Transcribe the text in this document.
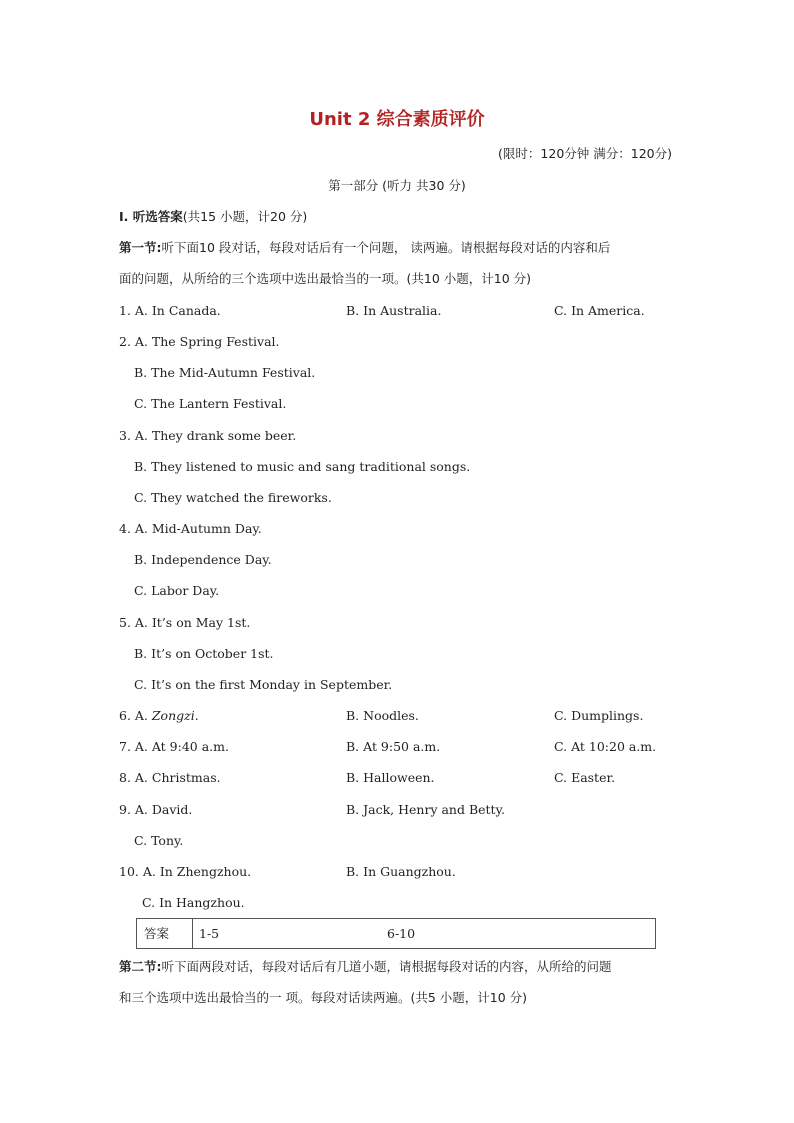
Unit 2 综合素质评价
(限时：120分钟 满分：120分)
第一部分 (听力 共30 分)
I. 听选答案(共15 小题，计20 分)
第一节:听下面10 段对话，每段对话后有一个问题， 读两遍。请根据每段对话的内容和后
面的问题，从所给的三个选项中选出最恰当的一项。(共10 小题，计10 分)
1. A. In Canada.	B. In Australia.	C. In America.
2. A. The Spring Festival.
B. The Mid-Autumn Festival.
C. The Lantern Festival.
3. A. They drank some beer.
B. They listened to music and sang traditional songs.
C. They watched the fireworks.
4. A. Mid-Autumn Day.
B. Independence Day.
C. Labor Day.
5. A. It’s on May 1st.
B. It’s on October 1st.
C. It’s on the first Monday in September.
6. A. Zongzi.	B. Noodles.	C. Dumplings.
7. A. At 9:40 a.m.	B. At 9:50 a.m.	C. At 10:20 a.m.
8. A. Christmas.	B. Halloween.	C. Easter.
9. A. David.	B. Jack, Henry and Betty.
C. Tony.
10. A. In Zhengzhou.	B. In Guangzhou.
C. In Hangzhou.
答案 1-5	6-10
第二节:听下面两段对话，每段对话后有几道小题，请根据每段对话的内容，从所给的问题
和三个选项中选出最恰当的一 项。每段对话读两遍。(共5 小题，计10 分)
